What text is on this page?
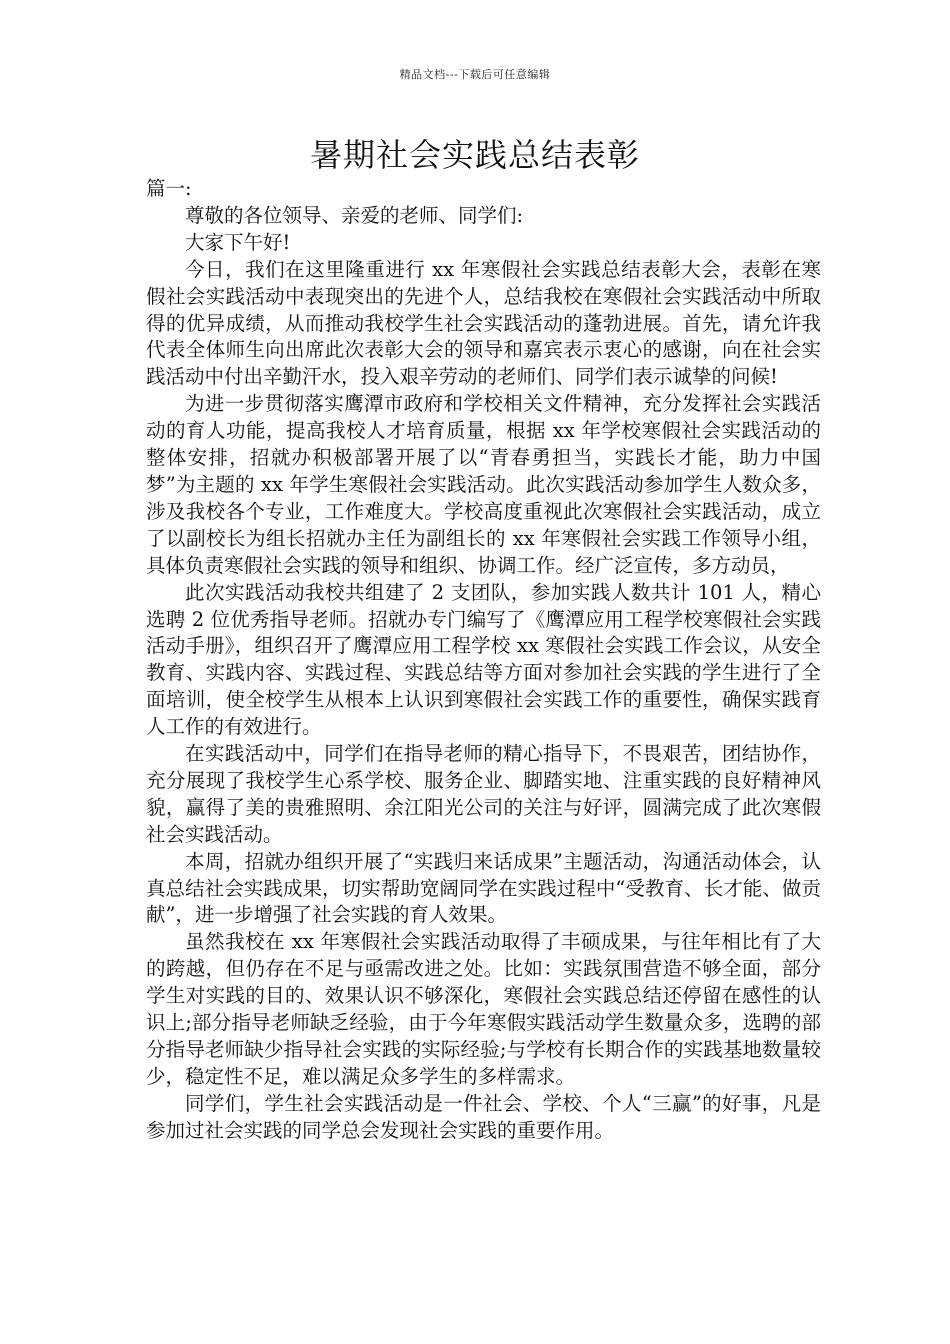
精品文档---下载后可任意编辑
暑期社会实践总结表彰

篇一:

尊敬的各位领导、亲爱的老师、同学们:

大家下午好!

今日，我们在这里隆重进行 xx 年寒假社会实践总结表彰大会，表彰在寒假社会实践活动中表现突出的先进个人，总结我校在寒假社会实践活动中所取得的优异成绩，从而推动我校学生社会实践活动的蓬勃进展。首先，请允许我代表全体师生向出席此次表彰大会的领导和嘉宾表示衷心的感谢，向在社会实践活动中付出辛勤汗水，投入艰辛劳动的老师们、同学们表示诚挚的问候!

为进一步贯彻落实鹰潭市政府和学校相关文件精神，充分发挥社会实践活动的育人功能，提高我校人才培育质量，根据 xx 年学校寒假社会实践活动的整体安排，招就办积极部署开展了以“青春勇担当，实践长才能，助力中国梦”为主题的 xx 年学生寒假社会实践活动。此次实践活动参加学生人数众多，涉及我校各个专业，工作难度大。学校高度重视此次寒假社会实践活动，成立了以副校长为组长招就办主任为副组长的 xx 年寒假社会实践工作领导小组，具体负责寒假社会实践的领导和组织、协调工作。经广泛宣传，多方动员，

此次实践活动我校共组建了 2 支团队，参加实践人数共计 101 人，精心选聘 2 位优秀指导老师。招就办专门编写了《鹰潭应用工程学校寒假社会实践活动手册》，组织召开了鹰潭应用工程学校 xx 寒假社会实践工作会议，从安全教育、实践内容、实践过程、实践总结等方面对参加社会实践的学生进行了全面培训，使全校学生从根本上认识到寒假社会实践工作的重要性，确保实践育人工作的有效进行。

在实践活动中，同学们在指导老师的精心指导下，不畏艰苦，团结协作，充分展现了我校学生心系学校、服务企业、脚踏实地、注重实践的良好精神风貌，赢得了美的贵雅照明、余江阳光公司的关注与好评，圆满完成了此次寒假社会实践活动。

本周，招就办组织开展了“实践归来话成果”主题活动，沟通活动体会，认真总结社会实践成果，切实帮助宽阔同学在实践过程中“受教育、长才能、做贡献”，进一步增强了社会实践的育人效果。

虽然我校在 xx 年寒假社会实践活动取得了丰硕成果，与往年相比有了大的跨越，但仍存在不足与亟需改进之处。比如：实践氛围营造不够全面，部分学生对实践的目的、效果认识不够深化，寒假社会实践总结还停留在感性的认识上;部分指导老师缺乏经验，由于今年寒假实践活动学生数量众多，选聘的部分指导老师缺少指导社会实践的实际经验;与学校有长期合作的实践基地数量较少，稳定性不足，难以满足众多学生的多样需求。

同学们，学生社会实践活动是一件社会、学校、个人“三赢”的好事，凡是参加过社会实践的同学总会发现社会实践的重要作用。
